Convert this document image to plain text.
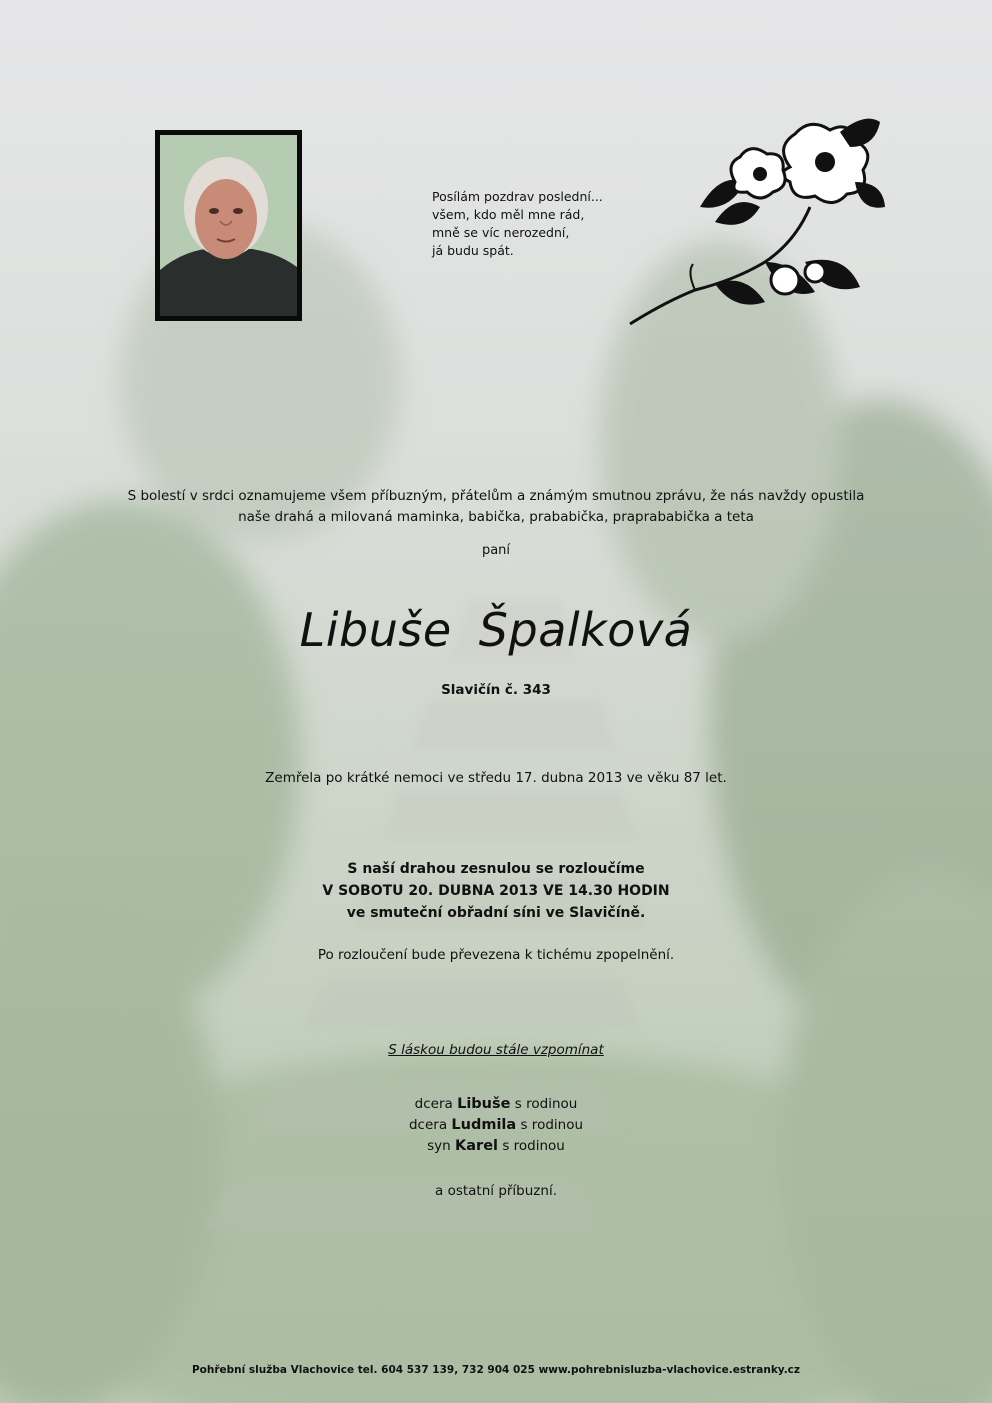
Posílám pozdrav poslední...
všem, kdo měl mne rád,
mně se víc nerozední,
já budu spát.
S bolestí v srdci oznamujeme všem příbuzným, přátelům a známým smutnou zprávu, že nás navždy opustila
naše drahá a milovaná maminka, babička, prababička, praprababička a teta
paní
Libuše Špalková
Slavičín č. 343
Zemřela po krátké nemoci ve středu 17. dubna 2013 ve věku 87 let.
S naší drahou zesnulou se rozloučíme
V SOBOTU 20. DUBNA 2013 VE 14.30 HODIN
ve smuteční obřadní síni ve Slavičíně.
Po rozloučení bude převezena k tichému zpopelnění.
S láskou budou stále vzpomínat
dcera Libuše s rodinou
dcera Ludmila s rodinou
syn Karel s rodinou
a ostatní příbuzní.
Pohřební služba Vlachovice tel. 604 537 139, 732 904 025 www.pohrebnisluzba-vlachovice.estranky.cz
